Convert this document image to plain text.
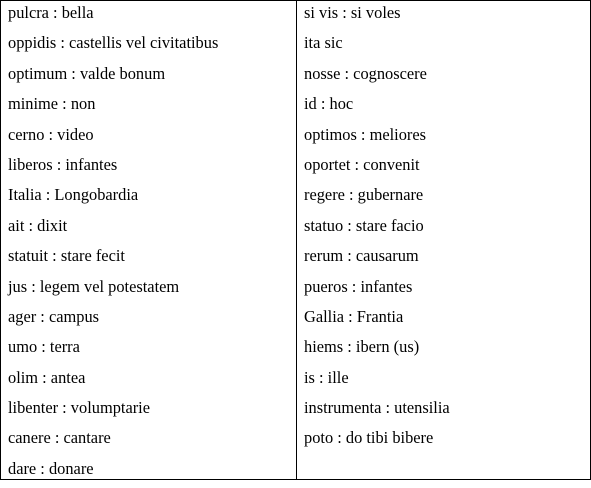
pulcra : bella
oppidis : castellis vel civitatibus
optimum : valde bonum
minime : non
cerno : video
liberos : infantes
Italia : Longobardia
ait : dixit
statuit : stare fecit
jus : legem vel potestatem
ager : campus
umo : terra
olim : antea
libenter : volumptarie
canere : cantare
dare : donare
si vis : si voles
ita sic
nosse : cognoscere
id : hoc
optimos : meliores
oportet : convenit
regere : gubernare
statuo : stare facio
rerum : causarum
pueros : infantes
Gallia : Frantia
hiems : ibern (us)
is : ille
instrumenta : utensilia
poto : do tibi bibere
